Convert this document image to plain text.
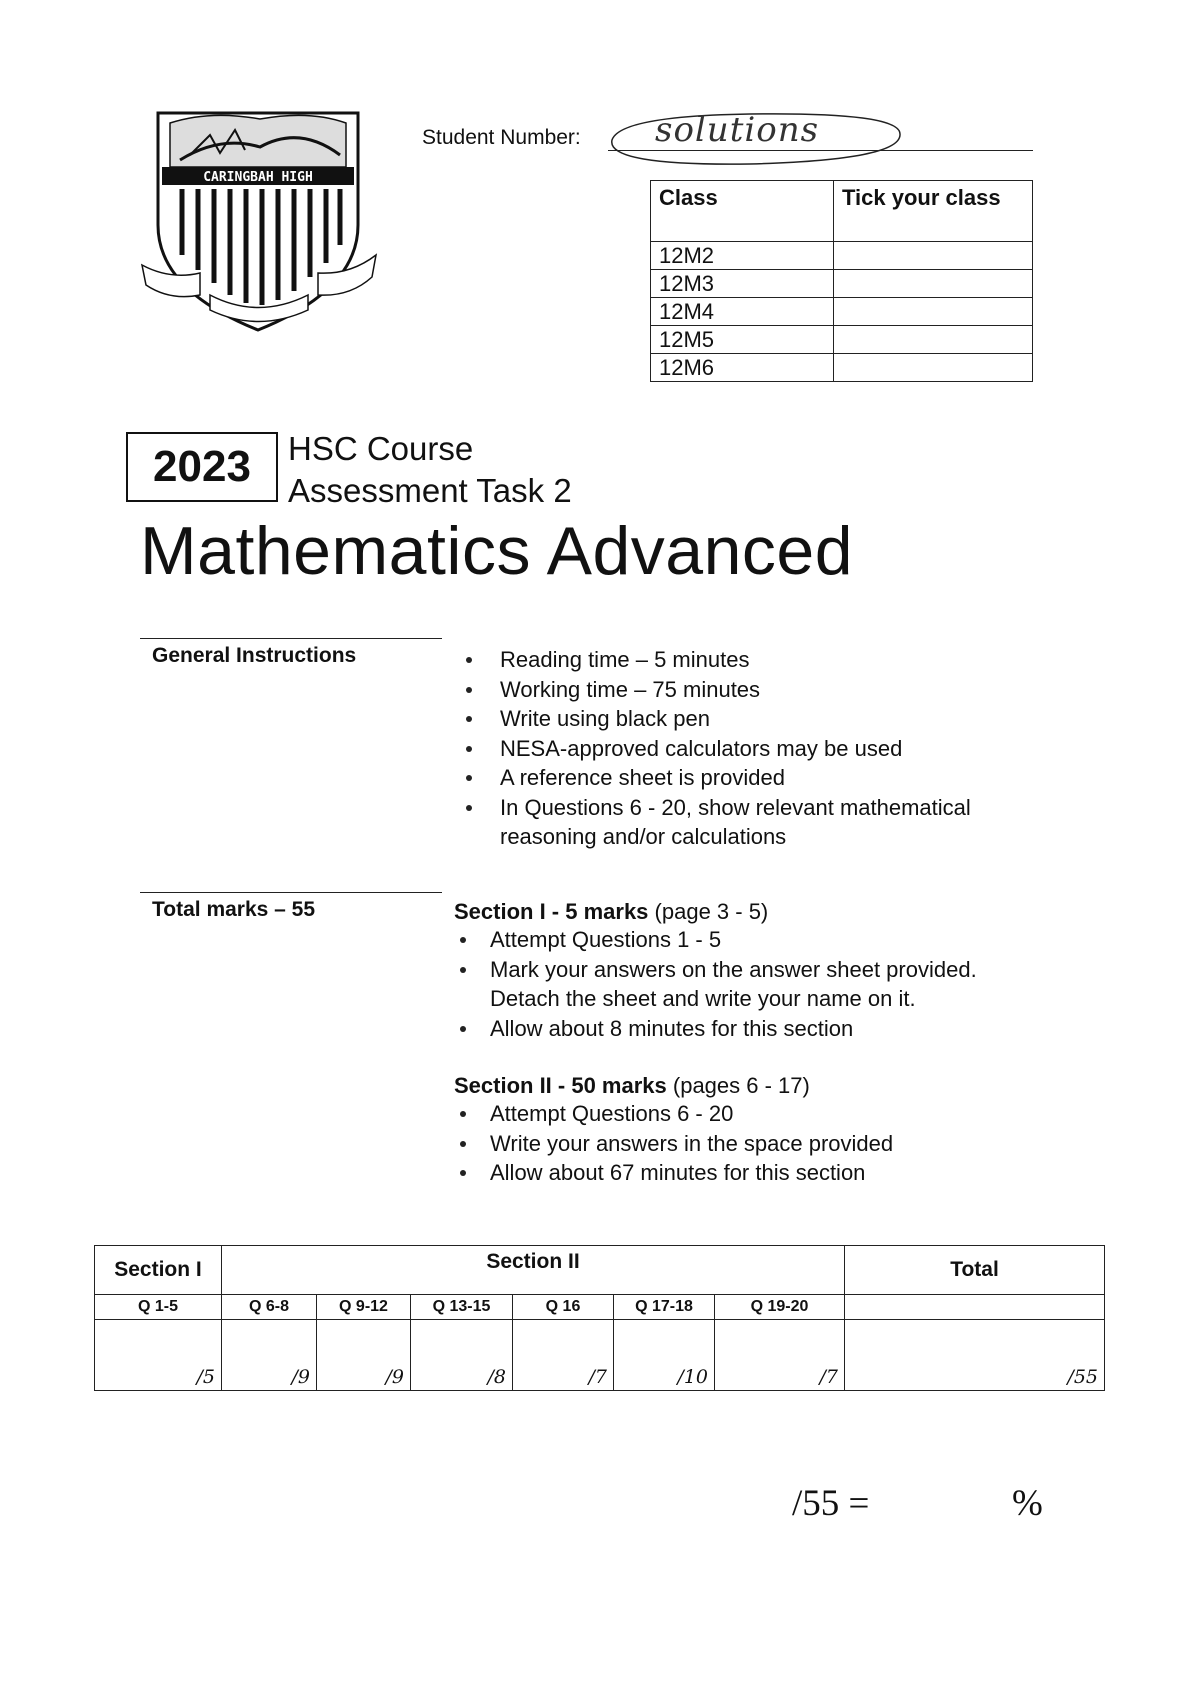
CARINGBAH HIGH
Student Number: solutions
Class	Tick your class
12M2	
12M3	
12M4	
12M5	
12M6	
2023	HSC Course
Assessment Task 2
Mathematics Advanced
General Instructions	Reading time – 5 minutes
Working time – 75 minutes
Write using black pen
NESA-approved calculators may be used
A reference sheet is provided
In Questions 6 - 20, show relevant mathematical reasoning and/or calculations
Total marks – 55	Section I - 5 marks (page 3 - 5)
Attempt Questions 1 - 5
Mark your answers on the answer sheet provided. Detach the sheet and write your name on it.
Allow about 8 minutes for this section
Section II - 50 marks (pages 6 - 17)
Attempt Questions 6 - 20
Write your answers in the space provided
Allow about 67 minutes for this section
Section I	Section II						Total
Q 1-5	Q 6-8	Q 9-12	Q 13-15	Q 16	Q 17-18	Q 19-20	
/5	/9	/9	/8	/7	/10	/7	/55
/55 =	%
